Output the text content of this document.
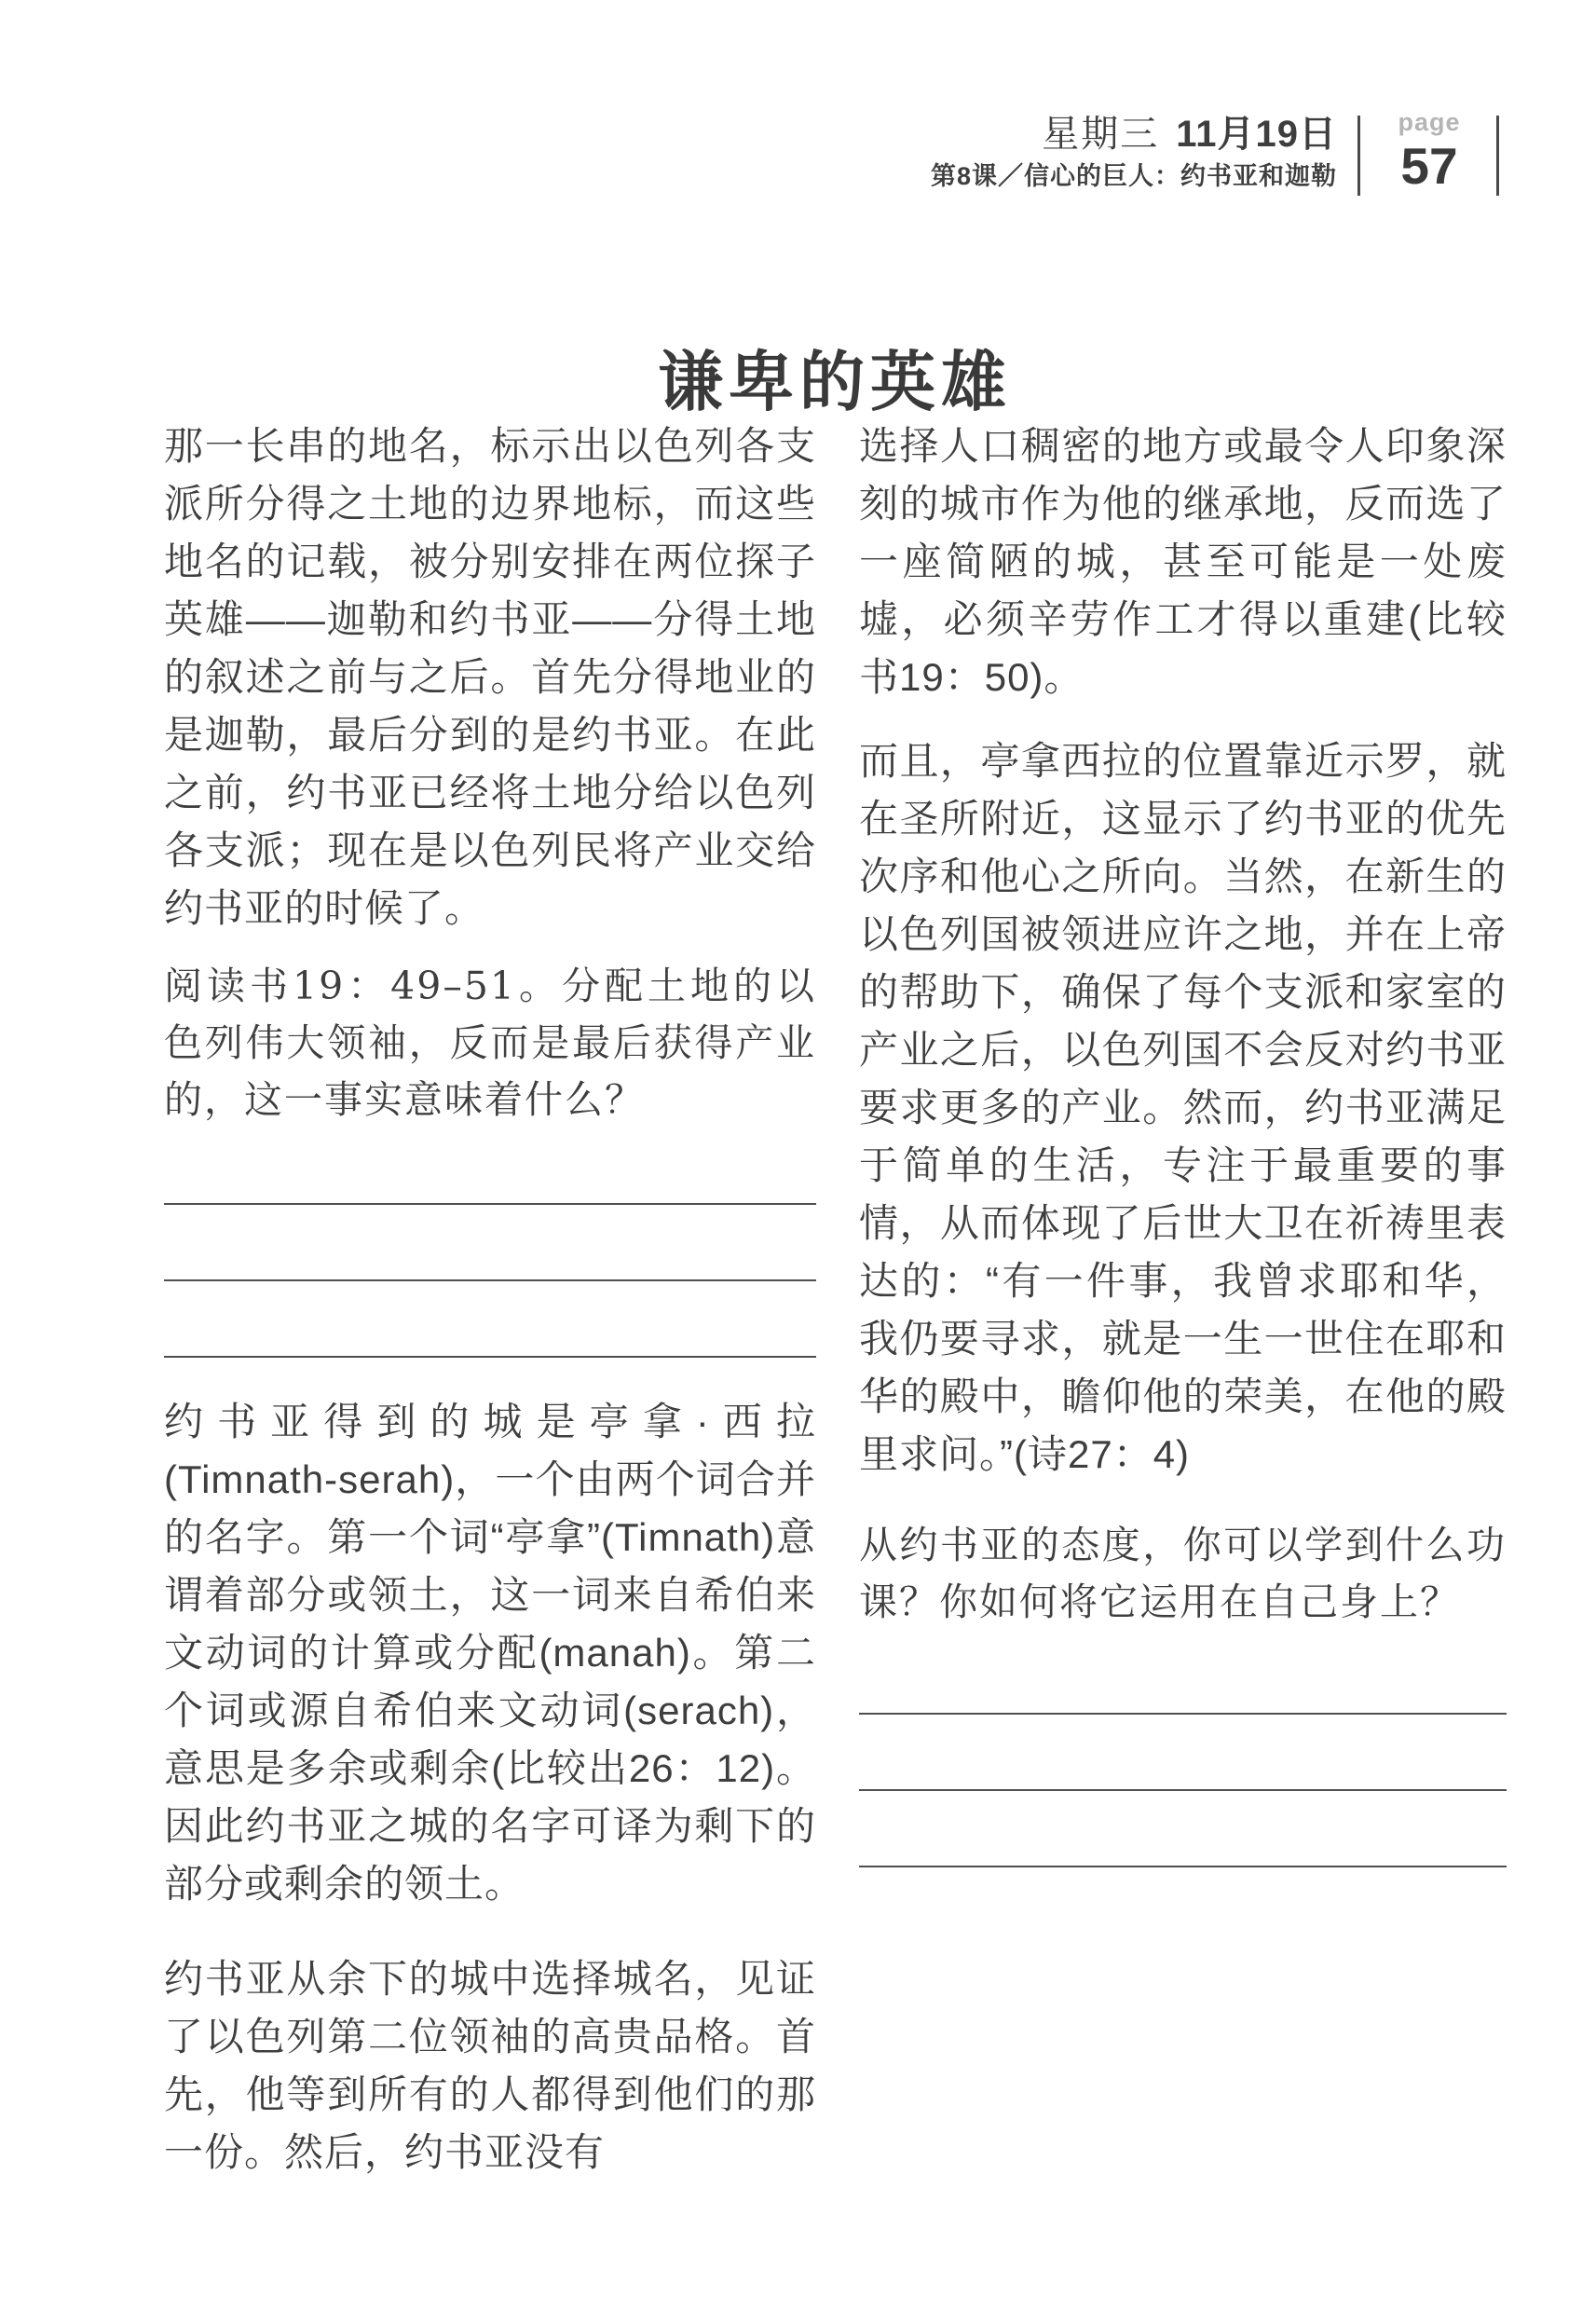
星期三 11月19日
第8课／信心的巨人：约书亚和迦勒
page
57
谦卑的英雄

那一长串的地名，标示出以色列各支派所分得之土地的边界地标，而这些地名的记载，被分别安排在两位探子英雄——迦勒和约书亚——分得土地的叙述之前与之后。首先分得地业的是迦勒，最后分到的是约书亚。在此之前，约书亚已经将土地分给以色列各支派；现在是以色列民将产业交给约书亚的时候了。

阅读书19：49–51。分配土地的以色列伟大领袖，反而是最后获得产业的，这一事实意味着什么？

约书亚得到的城是亭拿·西拉(Timnath-serah)，一个由两个词合并的名字。第一个词“亭拿”(Timnath)意谓着部分或领土，这一词来自希伯来文动词的计算或分配(manah)。第二个词或源自希伯来文动词(serach)，意思是多余或剩余(比较出26：12)。因此约书亚之城的名字可译为剩下的部分或剩余的领土。

约书亚从余下的城中选择城名，见证了以色列第二位领袖的高贵品格。首先，他等到所有的人都得到他们的那一份。然后，约书亚没有

选择人口稠密的地方或最令人印象深刻的城市作为他的继承地，反而选了一座简陋的城，甚至可能是一处废墟，必须辛劳作工才得以重建(比较书19：50)。

而且，亭拿西拉的位置靠近示罗，就在圣所附近，这显示了约书亚的优先次序和他心之所向。当然，在新生的以色列国被领进应许之地，并在上帝的帮助下，确保了每个支派和家室的产业之后，以色列国不会反对约书亚要求更多的产业。然而，约书亚满足于简单的生活，专注于最重要的事情，从而体现了后世大卫在祈祷里表达的：“有一件事，我曾求耶和华，我仍要寻求，就是一生一世住在耶和华的殿中，瞻仰他的荣美，在他的殿里求问。”(诗27：4)

从约书亚的态度，你可以学到什么功课？你如何将它运用在自己身上？
